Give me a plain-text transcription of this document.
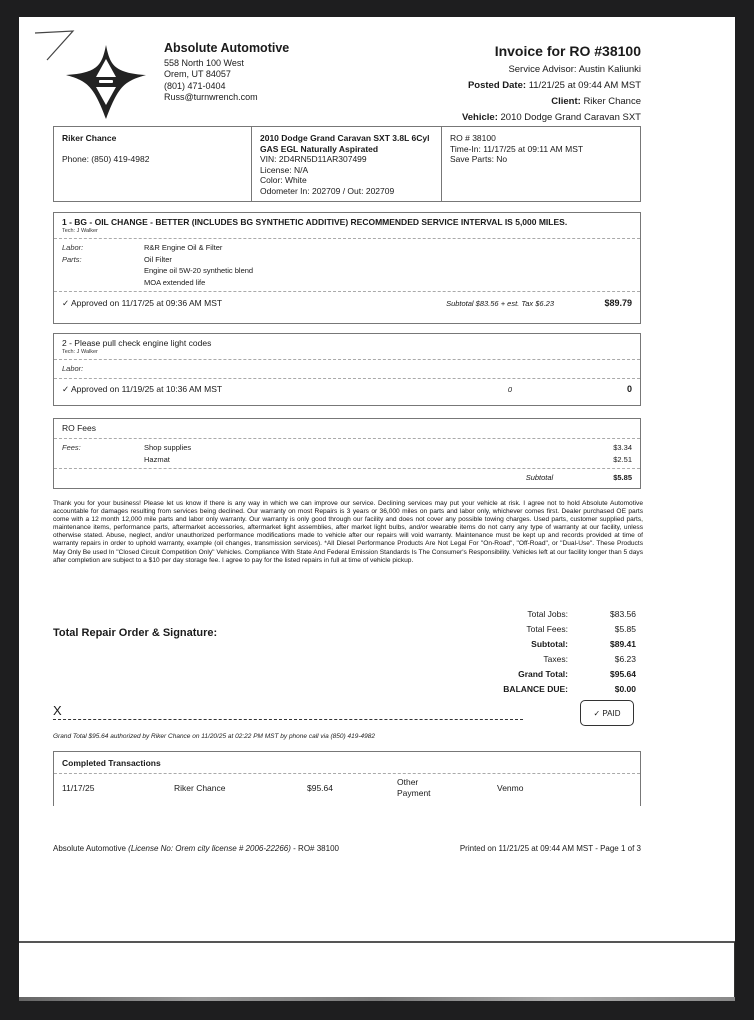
Absolute Automotive
558 North 100 West
Orem, UT 84057
(801) 471-0404
Russ@turnwrench.com
Invoice for RO #38100
Service Advisor: Austin Kaliunki
Posted Date: 11/21/25 at 09:44 AM MST
Client: Riker Chance
Vehicle: 2010 Dodge Grand Caravan SXT
Riker Chance
Phone: (850) 419-4982
2010 Dodge Grand Caravan SXT 3.8L 6Cyl
GAS EGL Naturally Aspirated
VIN: 2D4RN5D11AR307499
License: N/A
Color: White
Odometer In: 202709 / Out: 202709
RO # 38100
Time-In: 11/17/25 at 09:11 AM MST
Save Parts: No
1 - BG - OIL CHANGE - BETTER (INCLUDES BG SYNTHETIC ADDITIVE) RECOMMENDED SERVICE INTERVAL IS 5,000 MILES.
Tech: J Walker
Labor:	R&R Engine Oil & Filter
Parts:	Oil Filter
Engine oil 5W-20 synthetic blend
MOA extended life
✓ Approved on 11/17/25 at 09:36 AM MST	Subtotal $83.56 + est. Tax $6.23	$89.79
2 - Please pull check engine light codes
Tech: J Walker
Labor:
✓ Approved on 11/19/25 at 10:36 AM MST	0	0
RO Fees
Fees:	Shop supplies	$3.34
Hazmat	$2.51
Subtotal	$5.85
Thank you for your business! Please let us know if there is any way in which we can improve our service. Declining services may put your vehicle at risk. I agree not to hold Absolute Automotive accountable for damages resulting from services being declined. Our warranty on most Repairs is 3 years or 36,000 miles on parts and labor only, whichever comes first. Dealer purchased OE parts come with a 12 month 12,000 mile parts and labor only warranty. Our warranty is only good through our facility and does not cover any possible towing charges. Used parts, customer supplied parts, maintenance items, performance parts, aftermarket accessories, aftermarket light assemblies, after market light bulbs, and/or wearable items do not carry any type of warranty at our facility, unless otherwise stated. Abuse, neglect, and/or unauthorized performance modifications made to vehicle after our repairs will void warranty. Maintenance must be kept up and records provided at time of warranty repairs in order to uphold warranty, example (oil changes, transmission services). *All Diesel Performance Products Are Not Legal For "On-Road", "Off-Road", or "Dual-Use". These Products May Only Be used In "Closed Circuit Competition Only" Vehicles. Compliance With State And Federal Emission Standards Is The Consumer's Responsibility. Vehicles left at our facility longer than 5 days after completion are subject to a $10 per day storage fee. I agree to pay for the listed repairs in full at time of vehicle pickup.
Total Repair Order & Signature:
Total Jobs:	$83.56
Total Fees:	$5.85
Subtotal:	$89.41
Taxes:	$6.23
Grand Total:	$95.64
BALANCE DUE:	$0.00
✓ PAID
X
Grand Total $95.64 authorized by Riker Chance on 11/20/25 at 02:22 PM MST by phone call via (850) 419-4982
Completed Transactions
11/17/25	Riker Chance	$95.64
Other
Payment	Venmo
Absolute Automotive (License No: Orem city license # 2006-22266) - RO# 38100	Printed on 11/21/25 at 09:44 AM MST - Page 1 of 3
